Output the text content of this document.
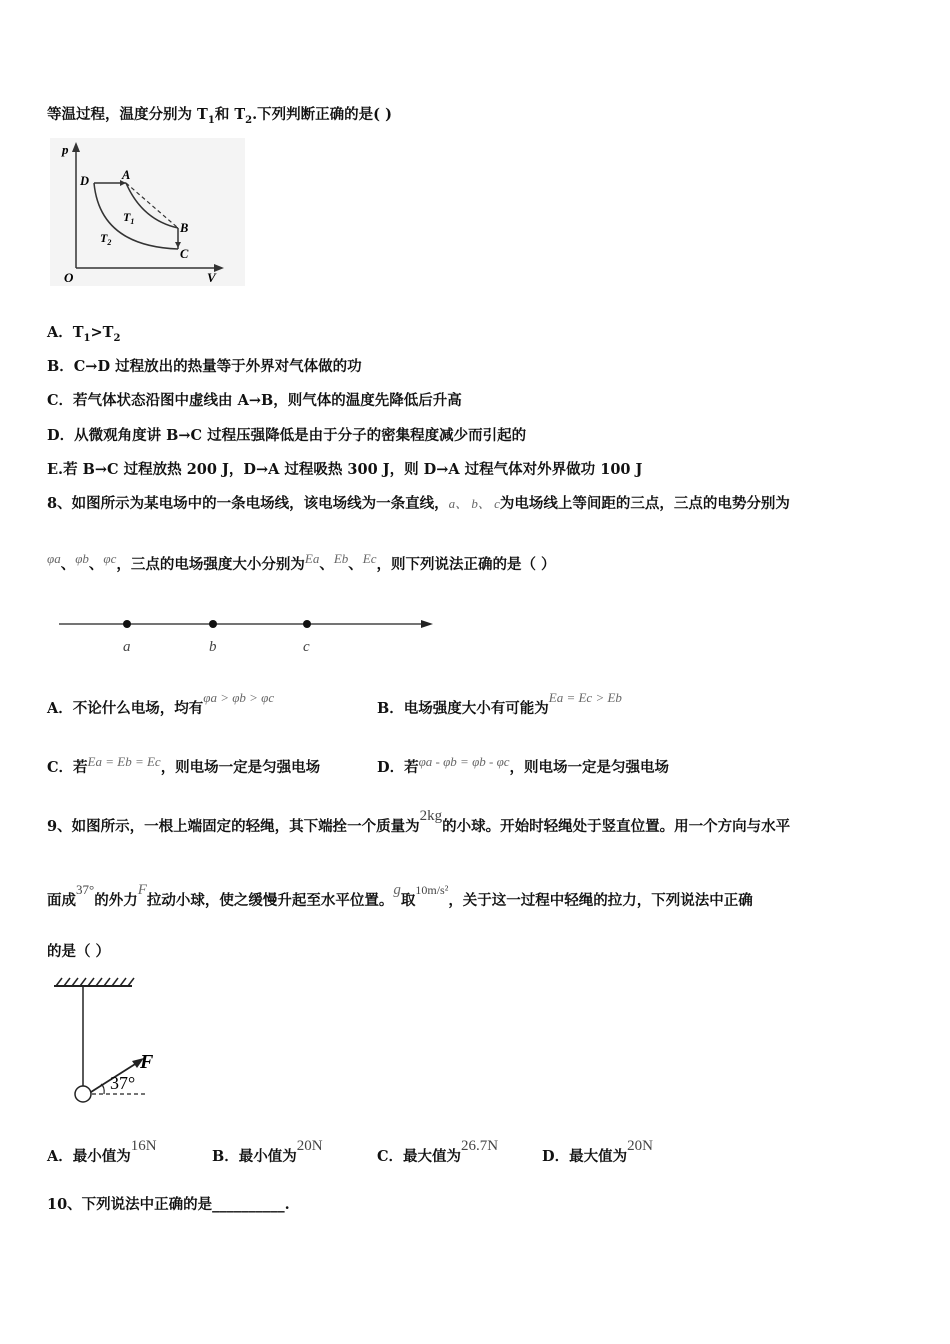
等温过程，温度分别为 $T_1$和 $T_2$.下列判断正确的是( )
p
V
O
D	A
B
C
$T_1$
$T_2$
A．$T_1>T_2$
B．C→D 过程放出的热量等于外界对气体做的功
C．若气体状态沿图中虚线由 A→B，则气体的温度先降低后升高
D．从微观角度讲 B→C 过程压强降低是由于分子的密集程度减少而引起的
E.若 B→C 过程放热 200 J，D→A 过程吸热 300 J，则 D→A 过程气体对外界做功 100 J
8、如图所示为某电场中的一条电场线，该电场线为一条直线，a、 b、 c为电场线上等间距的三点，三点的电势分别为
φa、φb、φc，三点的电场强度大小分别为Ea、Eb、Ec，则下列说法正确的是（ ）
a	b	c
A．不论什么电场，均有φa > φb > φc
B．电场强度大小有可能为Ea = Ec > Eb
C．若Ea = Eb = Ec，则电场一定是匀强电场	D．若φa - φb = φb - φc，则电场一定是匀强电场
9、如图所示，一根上端固定的轻绳，其下端拴一个质量为2kg的小球。开始时轻绳处于竖直位置。用一个方向与水平
面成37°的外力F拉动小球，使之缓慢升起至水平位置。g取$^{10m/s^2}$，关于这一过程中轻绳的拉力，下列说法中正确
的是（ ）
F
37°
A．最小值为16N
B．最小值为20N
C．最大值为26.7N
D．最大值为20N
10、下列说法中正确的是__________.
